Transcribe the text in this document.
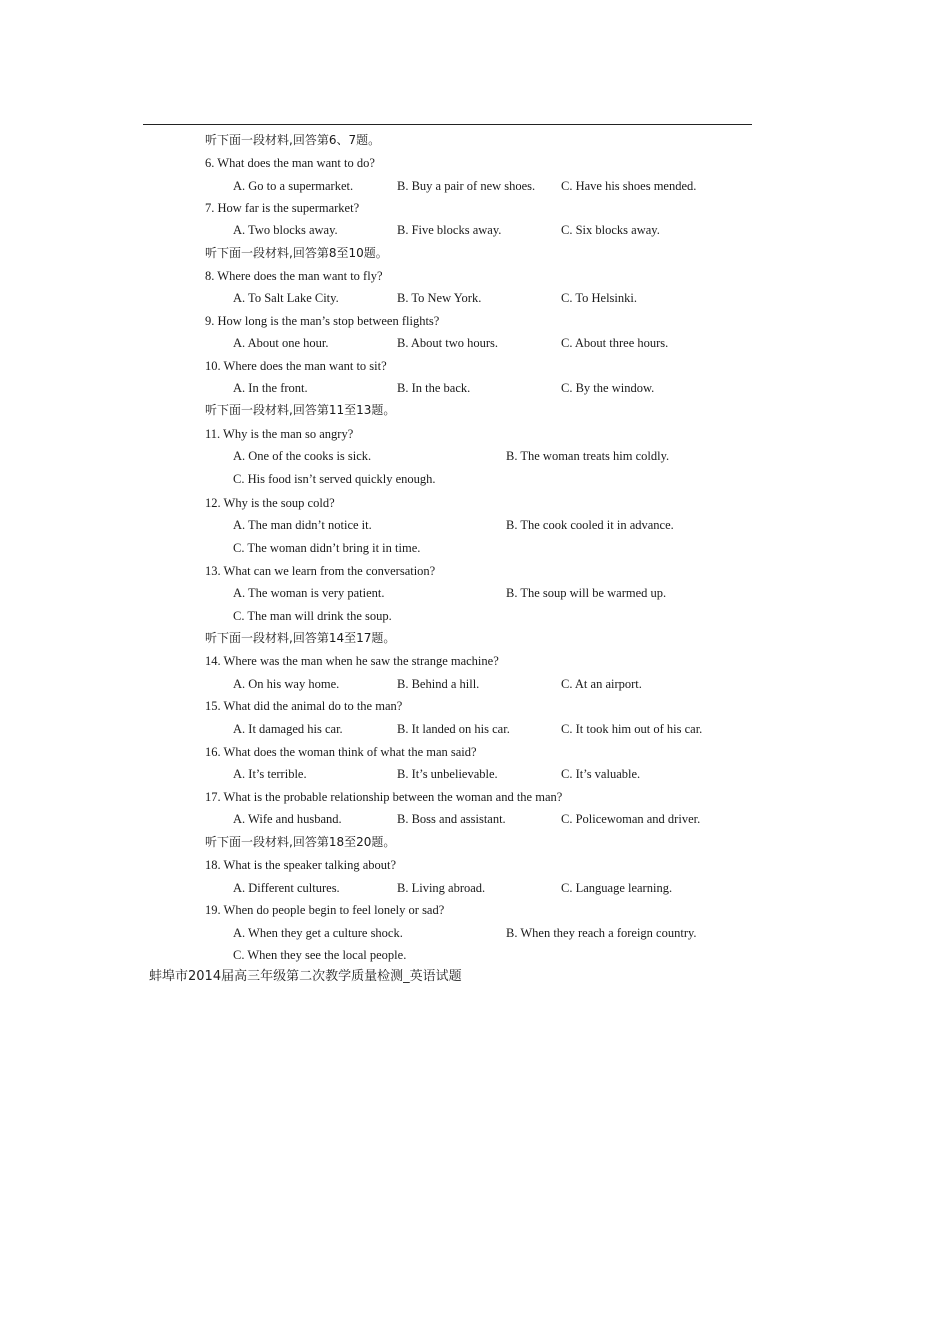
听下面一段材料,回答第6、7题。
6. What does the man want to do?
A. Go to a supermarket.	B. Buy a pair of new shoes. C. Have his shoes mended.
7. How far is the supermarket?
A. Two blocks away.	B. Five blocks away.	C. Six blocks away.
听下面一段材料,回答第8至10题。
8. Where does the man want to fly?
A. To Salt Lake City.	B. To New York.	C. To Helsinki.
9. How long is the man’s stop between flights?
A. About one hour.	B. About two hours.	C. About three hours.
10. Where does the man want to sit?
A. In the front.	B. In the back.	C. By the window.
听下面一段材料,回答第11至13题。
11. Why is the man so angry?
A. One of the cooks is sick.	B. The woman treats him coldly.
C. His food isn’t served quickly enough.
12. Why is the soup cold?
A. The man didn’t notice it.	B. The cook cooled it in advance.
C. The woman didn’t bring it in time.
13. What can we learn from the conversation?
A. The woman is very patient.	B. The soup will be warmed up.
C. The man will drink the soup.
听下面一段材料,回答第14至17题。
14. Where was the man when he saw the strange machine?
A. On his way home.	B. Behind a hill.	C. At an airport.
15. What did the animal do to the man?
A. It damaged his car.	B. It landed on his car.	C. It took him out of his car.
16. What does the woman think of what the man said?
A. It’s terrible.	B. It’s unbelievable.	C. It’s valuable.
17. What is the probable relationship between the woman and the man?
A. Wife and husband.	B. Boss and assistant.	C. Policewoman and driver.
听下面一段材料,回答第18至20题。
18. What is the speaker talking about?
A. Different cultures.	B. Living abroad.	C. Language learning.
19. When do people begin to feel lonely or sad?
A. When they get a culture shock.	B. When they reach a foreign country.
C. When they see the local people.
蚌埠市2014届高三年级第二次教学质量检测_英语试题
